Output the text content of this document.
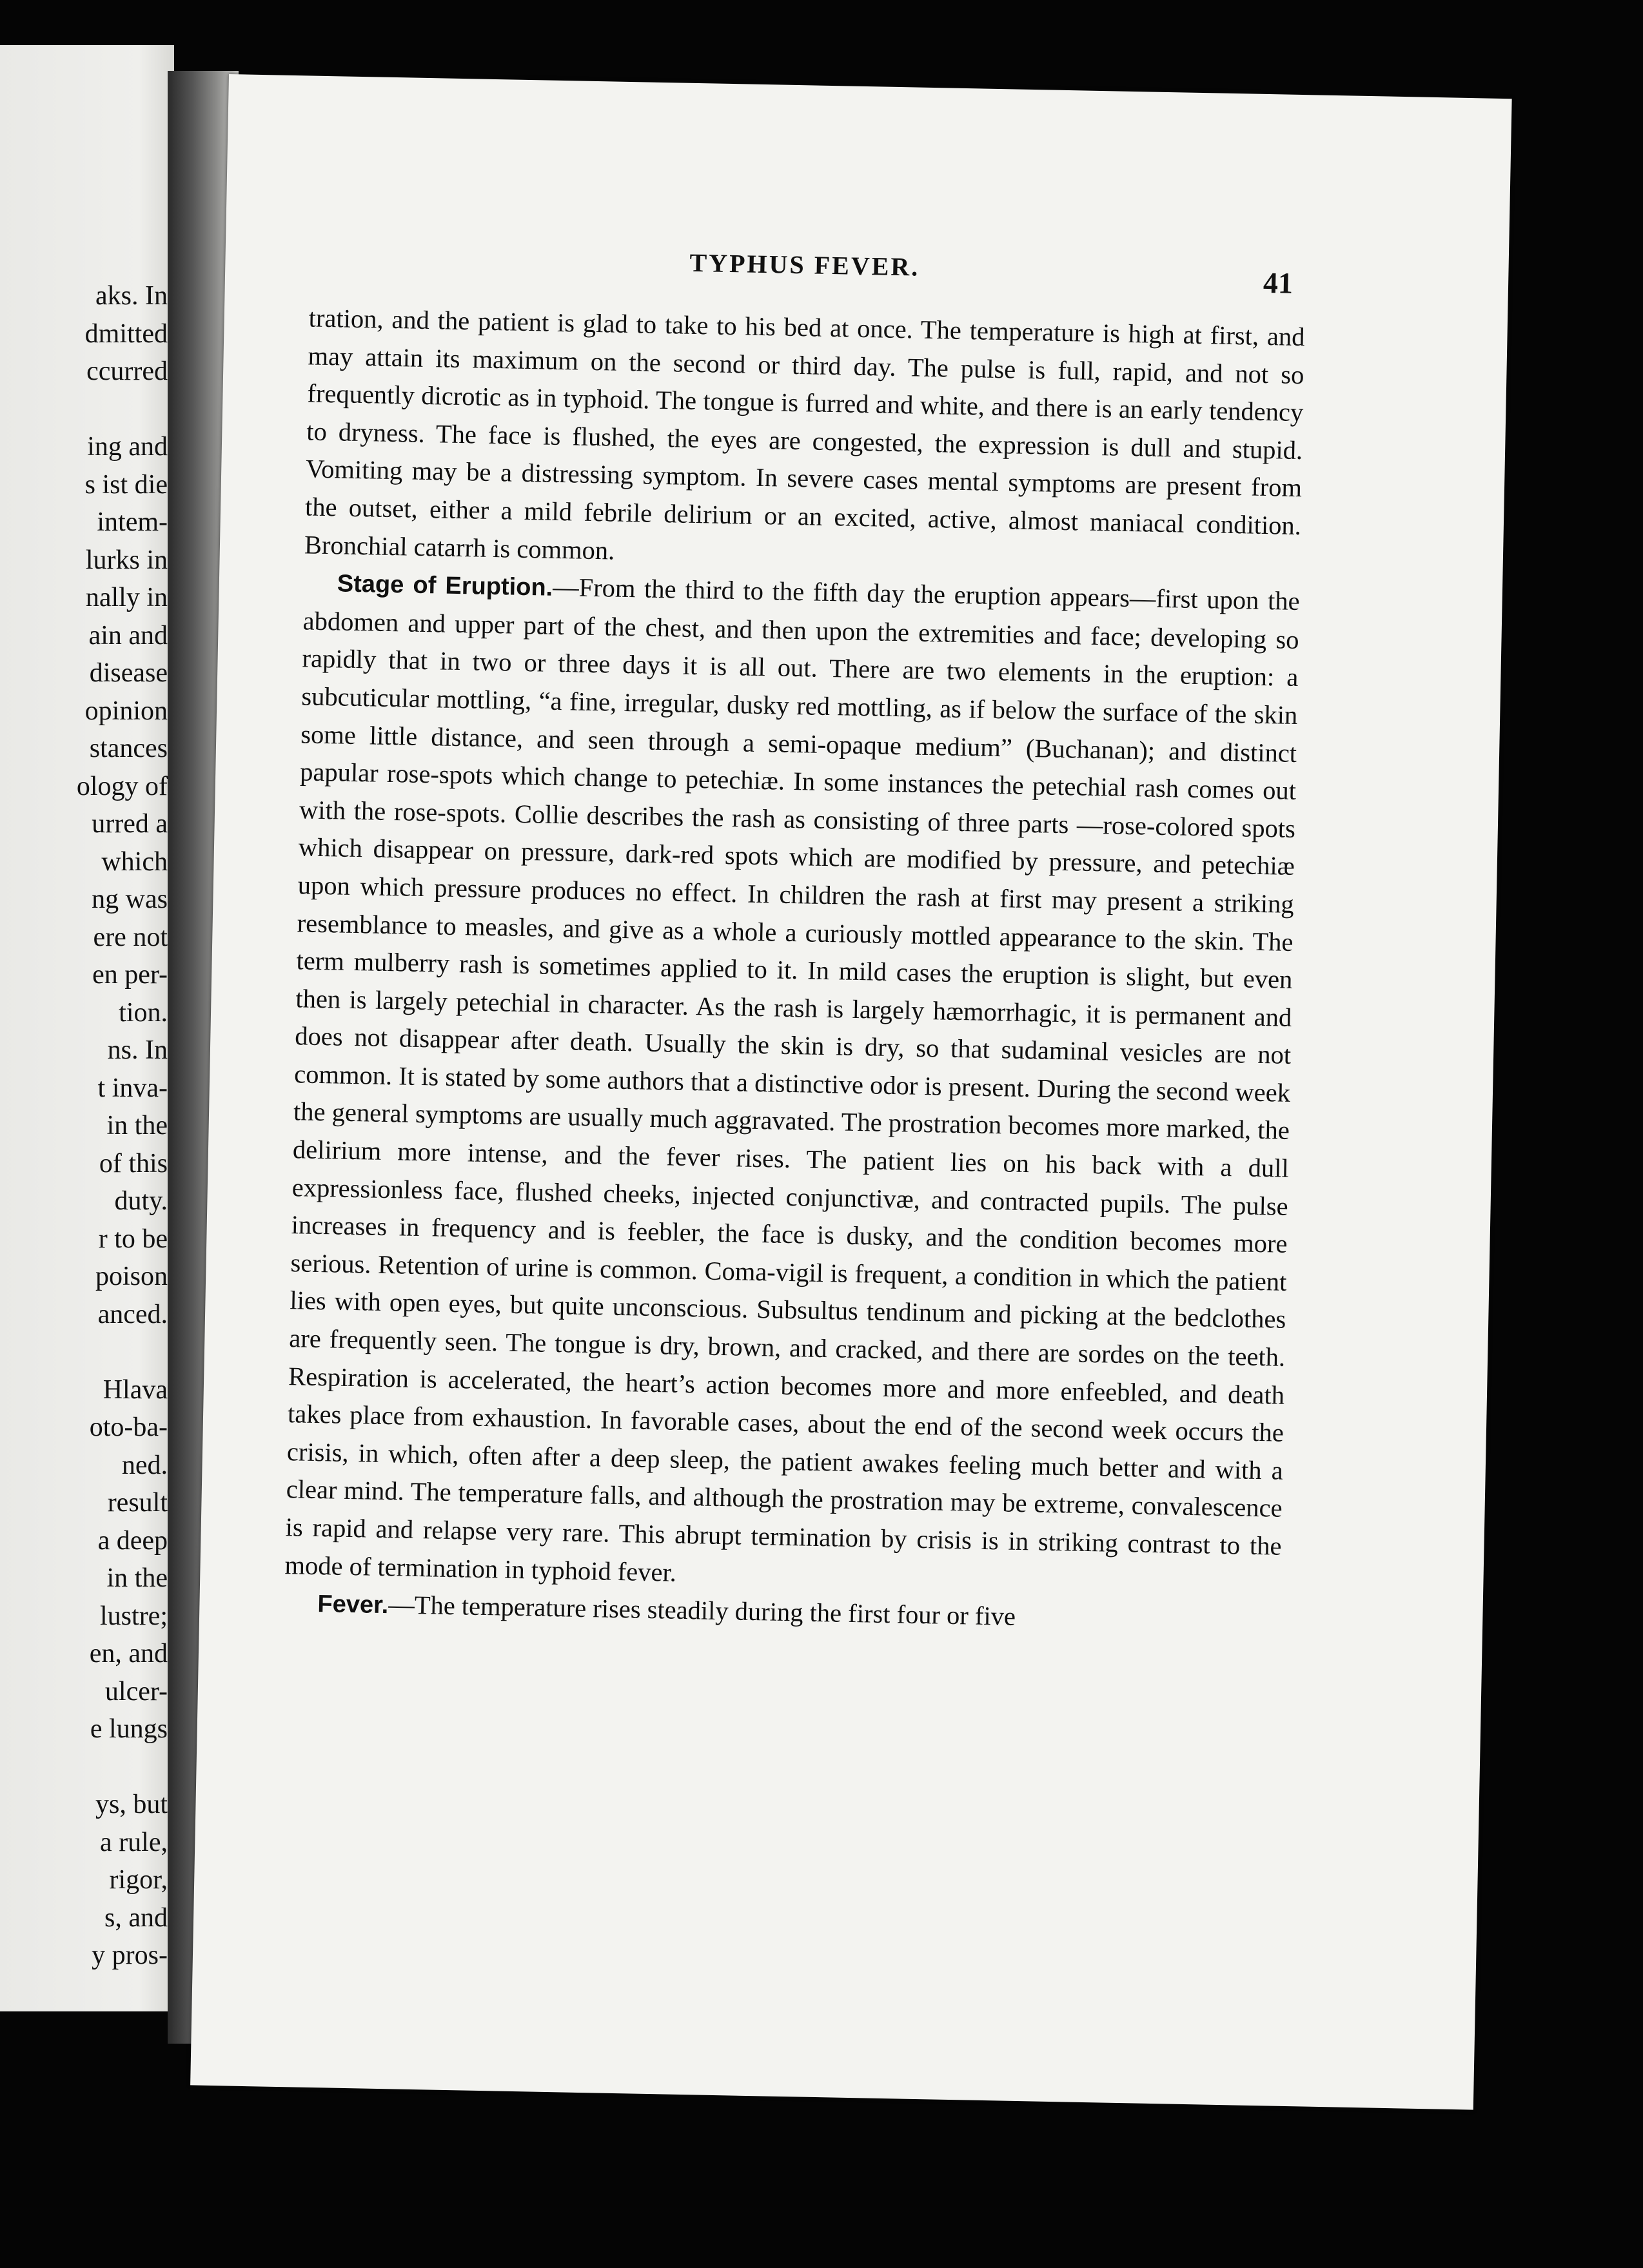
aks. In
dmitted
ccurred
ing and
s ist die
intem-
lurks in
nally in
ain and
disease
opinion
stances
ology of
urred a
which
ng was
ere not
en per-
tion.
ns. In
t inva-
in the
of this
duty.
r to be
poison
anced.
Hlava
oto-ba-
ned.
result
a deep
in the
lustre;
en, and
ulcer-
e lungs
ys, but
a rule,
rigor,
s, and
y pros-
TYPHUS FEVER.
41

tration, and the patient is glad to take to his bed at once. The temperature is high at first, and may attain its maximum on the second or third day. The pulse is full, rapid, and not so frequently dicrotic as in typhoid. The tongue is furred and white, and there is an early tendency to dryness. The face is flushed, the eyes are congested, the expression is dull and stupid. Vomiting may be a distressing symptom. In severe cases mental symptoms are present from the outset, either a mild febrile delirium or an excited, active, almost maniacal condition. Bronchial catarrh is common.

Stage of Eruption.—From the third to the fifth day the eruption appears—first upon the abdomen and upper part of the chest, and then upon the extremities and face; developing so rapidly that in two or three days it is all out. There are two elements in the eruption: a subcuticular mottling, “a fine, irregular, dusky red mottling, as if below the surface of the skin some little distance, and seen through a semi-opaque medium” (Buchanan); and distinct papular rose-spots which change to petechiæ. In some instances the petechial rash comes out with the rose-spots. Collie describes the rash as consisting of three parts —rose-colored spots which disappear on pressure, dark-red spots which are modified by pressure, and petechiæ upon which pressure produces no effect. In children the rash at first may present a striking resemblance to measles, and give as a whole a curiously mottled appearance to the skin. The term mulberry rash is sometimes applied to it. In mild cases the eruption is slight, but even then is largely petechial in character. As the rash is largely hæmorrhagic, it is permanent and does not disappear after death. Usually the skin is dry, so that sudaminal vesicles are not common. It is stated by some authors that a distinctive odor is present. During the second week the general symptoms are usually much aggravated. The prostration becomes more marked, the delirium more intense, and the fever rises. The patient lies on his back with a dull expressionless face, flushed cheeks, injected conjunctivæ, and contracted pupils. The pulse increases in frequency and is feebler, the face is dusky, and the condition becomes more serious. Retention of urine is common. Coma-vigil is frequent, a condition in which the patient lies with open eyes, but quite unconscious. Subsultus tendinum and picking at the bedclothes are frequently seen. The tongue is dry, brown, and cracked, and there are sordes on the teeth. Respiration is accelerated, the heart’s action becomes more and more enfeebled, and death takes place from exhaustion. In favorable cases, about the end of the second week occurs the crisis, in which, often after a deep sleep, the patient awakes feeling much better and with a clear mind. The temperature falls, and although the prostration may be extreme, convalescence is rapid and relapse very rare. This abrupt termination by crisis is in striking contrast to the mode of termination in typhoid fever.

Fever.—The temperature rises steadily during the first four or five
